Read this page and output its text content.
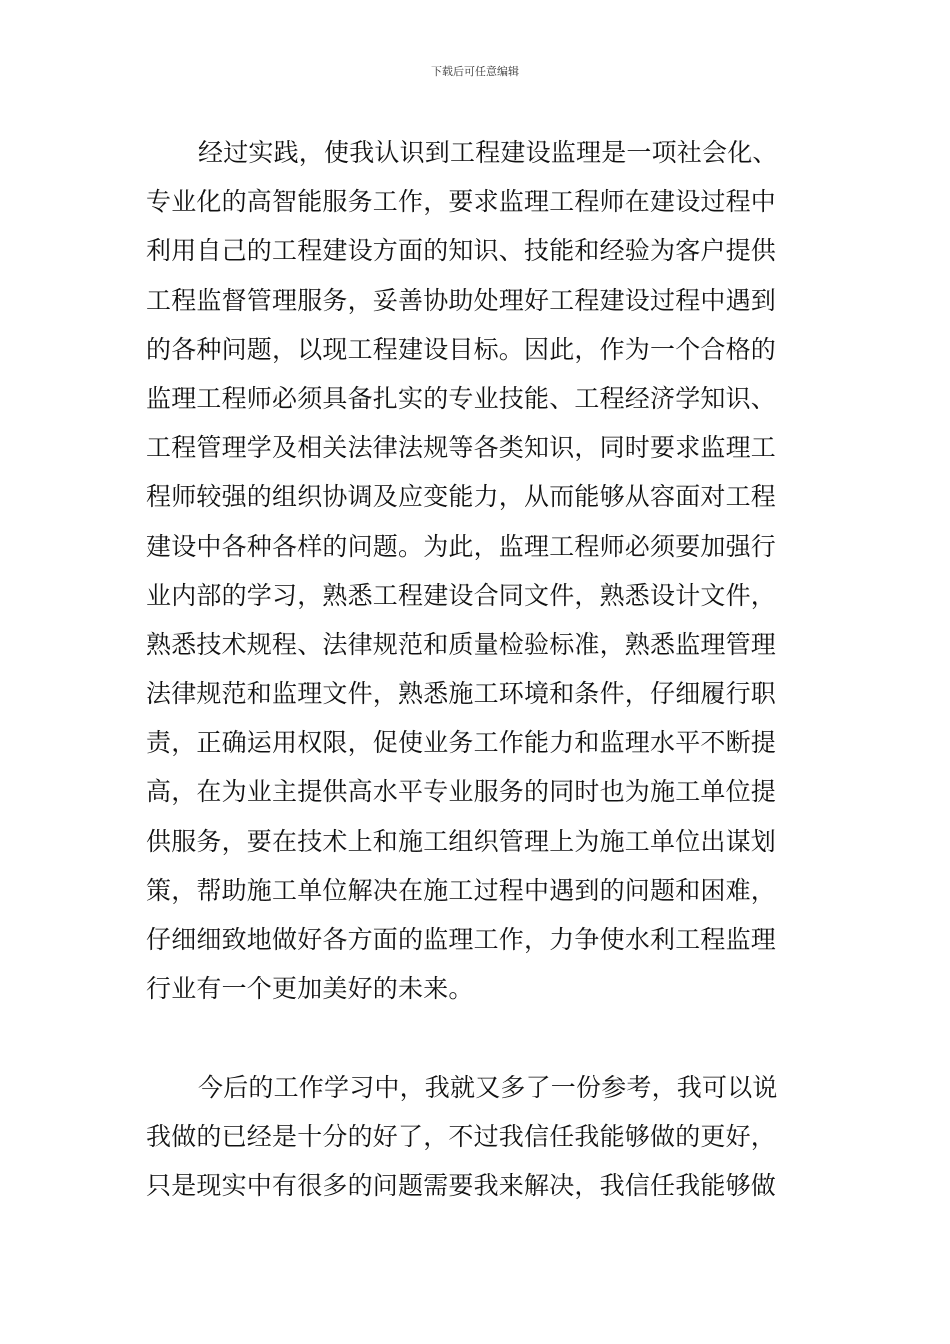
下载后可任意编辑
经过实践，使我认识到工程建设监理是一项社会化、
专业化的高智能服务工作，要求监理工程师在建设过程中
利用自己的工程建设方面的知识、技能和经验为客户提供
工程监督管理服务，妥善协助处理好工程建设过程中遇到
的各种问题，以现工程建设目标。因此，作为一个合格的
监理工程师必须具备扎实的专业技能、工程经济学知识、
工程管理学及相关法律法规等各类知识，同时要求监理工
程师较强的组织协调及应变能力，从而能够从容面对工程
建设中各种各样的问题。为此，监理工程师必须要加强行
业内部的学习，熟悉工程建设合同文件，熟悉设计文件，
熟悉技术规程、法律规范和质量检验标准，熟悉监理管理
法律规范和监理文件，熟悉施工环境和条件，仔细履行职
责，正确运用权限，促使业务工作能力和监理水平不断提
高，在为业主提供高水平专业服务的同时也为施工单位提
供服务，要在技术上和施工组织管理上为施工单位出谋划
策，帮助施工单位解决在施工过程中遇到的问题和困难，
仔细细致地做好各方面的监理工作，力争使水利工程监理
行业有一个更加美好的未来。
今后的工作学习中，我就又多了一份参考，我可以说
我做的已经是十分的好了，不过我信任我能够做的更好，
只是现实中有很多的问题需要我来解决，我信任我能够做
